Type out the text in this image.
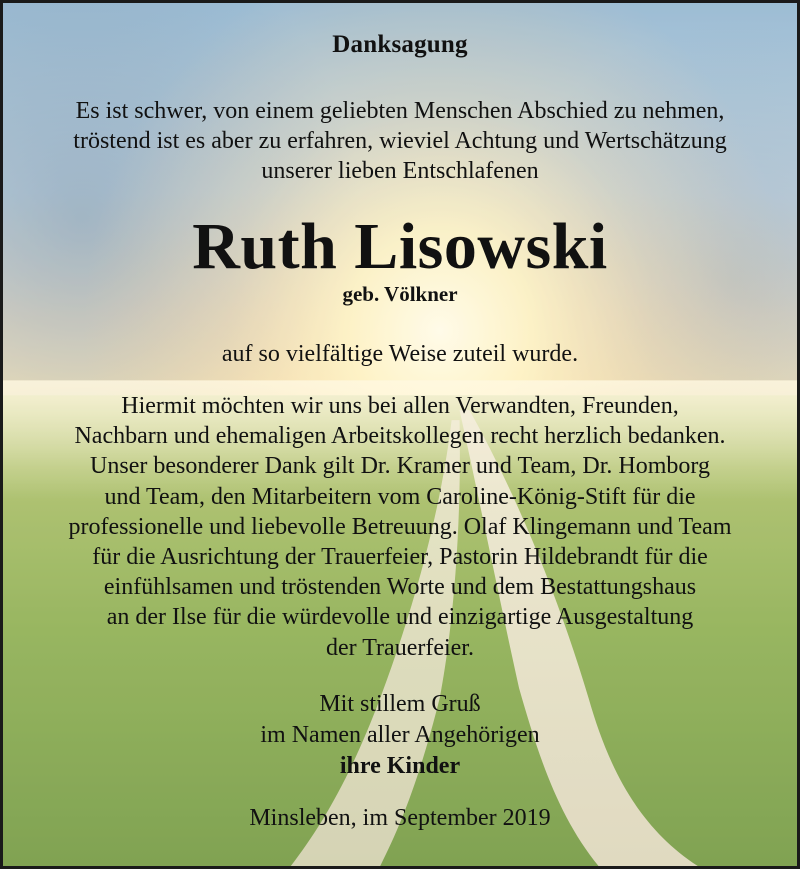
Danksagung
Es ist schwer, von einem geliebten Menschen Abschied zu nehmen,
tröstend ist es aber zu erfahren, wieviel Achtung und Wertschätzung
unserer lieben Entschlafenen
Ruth Lisowski
geb. Völkner
auf so vielfältige Weise zuteil wurde.
Hiermit möchten wir uns bei allen Verwandten, Freunden,
Nachbarn und ehemaligen Arbeitskollegen recht herzlich bedanken.
Unser besonderer Dank gilt Dr. Kramer und Team, Dr. Homborg
und Team, den Mitarbeitern vom Caroline-König-Stift für die
professionelle und liebevolle Betreuung. Olaf Klingemann und Team
für die Ausrichtung der Trauerfeier, Pastorin Hildebrandt für die
einfühlsamen und tröstenden Worte und dem Bestattungshaus
an der Ilse für die würdevolle und einzigartige Ausgestaltung
der Trauerfeier.
Mit stillem Gruß
im Namen aller Angehörigen
ihre Kinder
Minsleben, im September 2019
